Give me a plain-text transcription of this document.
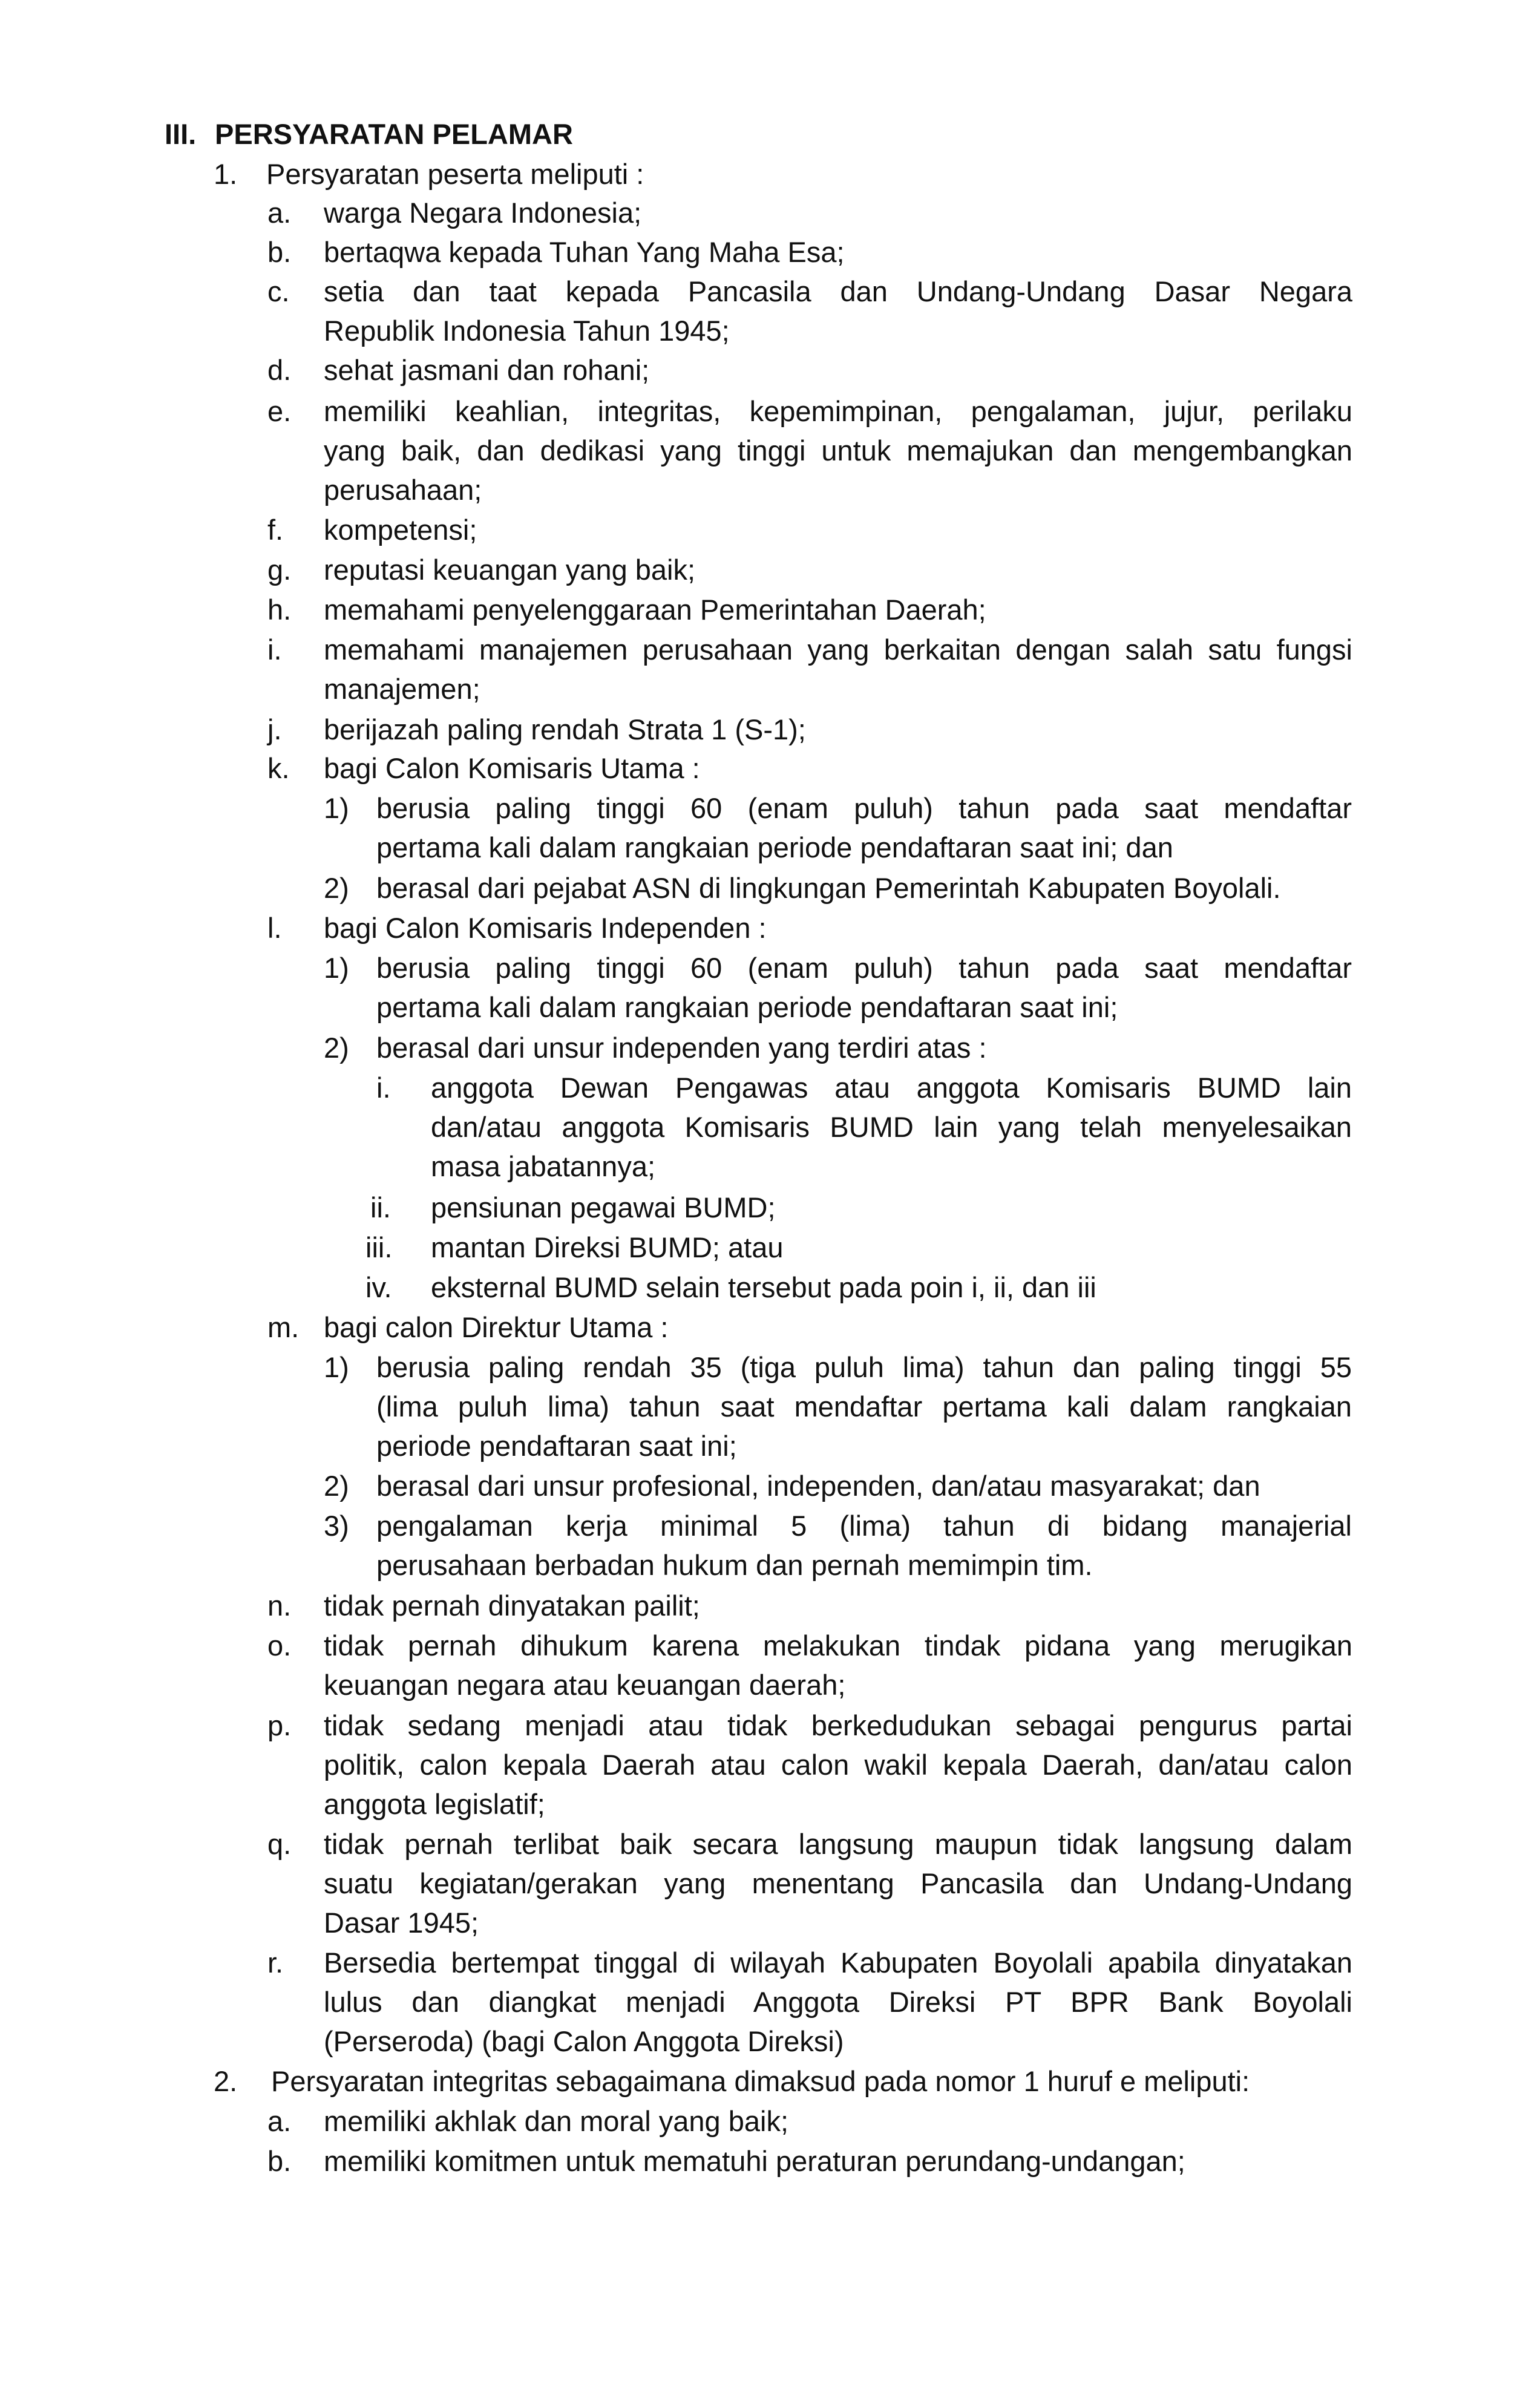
III. PERSYARATAN PELAMAR
1. Persyaratan peserta meliputi :
a. warga Negara Indonesia;
b. bertaqwa kepada Tuhan Yang Maha Esa;
c. setia dan taat kepada Pancasila dan Undang-Undang Dasar Negara
Republik Indonesia Tahun 1945;
d. sehat jasmani dan rohani;
e. memiliki keahlian, integritas, kepemimpinan, pengalaman, jujur, perilaku
yang baik, dan dedikasi yang tinggi untuk memajukan dan mengembangkan
perusahaan;
f. kompetensi;
g. reputasi keuangan yang baik;
h. memahami penyelenggaraan Pemerintahan Daerah;
i. memahami manajemen perusahaan yang berkaitan dengan salah satu fungsi
manajemen;
j. berijazah paling rendah Strata 1 (S-1);
k. bagi Calon Komisaris Utama :
1) berusia paling tinggi 60 (enam puluh) tahun pada saat mendaftar
pertama kali dalam rangkaian periode pendaftaran saat ini; dan
2) berasal dari pejabat ASN di lingkungan Pemerintah Kabupaten Boyolali.
l. bagi Calon Komisaris Independen :
1) berusia paling tinggi 60 (enam puluh) tahun pada saat mendaftar
pertama kali dalam rangkaian periode pendaftaran saat ini;
2) berasal dari unsur independen yang terdiri atas :
i. anggota Dewan Pengawas atau anggota Komisaris BUMD lain
dan/atau anggota Komisaris BUMD lain yang telah menyelesaikan
masa jabatannya;
ii. pensiunan pegawai BUMD;
iii. mantan Direksi BUMD; atau
iv. eksternal BUMD selain tersebut pada poin i, ii, dan iii
m. bagi calon Direktur Utama :
1) berusia paling rendah 35 (tiga puluh lima) tahun dan paling tinggi 55
(lima puluh lima) tahun saat mendaftar pertama kali dalam rangkaian
periode pendaftaran saat ini;
2) berasal dari unsur profesional, independen, dan/atau masyarakat; dan
3) pengalaman kerja minimal 5 (lima) tahun di bidang manajerial
perusahaan berbadan hukum dan pernah memimpin tim.
n. tidak pernah dinyatakan pailit;
o. tidak pernah dihukum karena melakukan tindak pidana yang merugikan
keuangan negara atau keuangan daerah;
p. tidak sedang menjadi atau tidak berkedudukan sebagai pengurus partai
politik, calon kepala Daerah atau calon wakil kepala Daerah, dan/atau calon
anggota legislatif;
q. tidak pernah terlibat baik secara langsung maupun tidak langsung dalam
suatu kegiatan/gerakan yang menentang Pancasila dan Undang-Undang
Dasar 1945;
r. Bersedia bertempat tinggal di wilayah Kabupaten Boyolali apabila dinyatakan
lulus dan diangkat menjadi Anggota Direksi PT BPR Bank Boyolali
(Perseroda) (bagi Calon Anggota Direksi)
2. Persyaratan integritas sebagaimana dimaksud pada nomor 1 huruf e meliputi:
a. memiliki akhlak dan moral yang baik;
b. memiliki komitmen untuk mematuhi peraturan perundang-undangan;
